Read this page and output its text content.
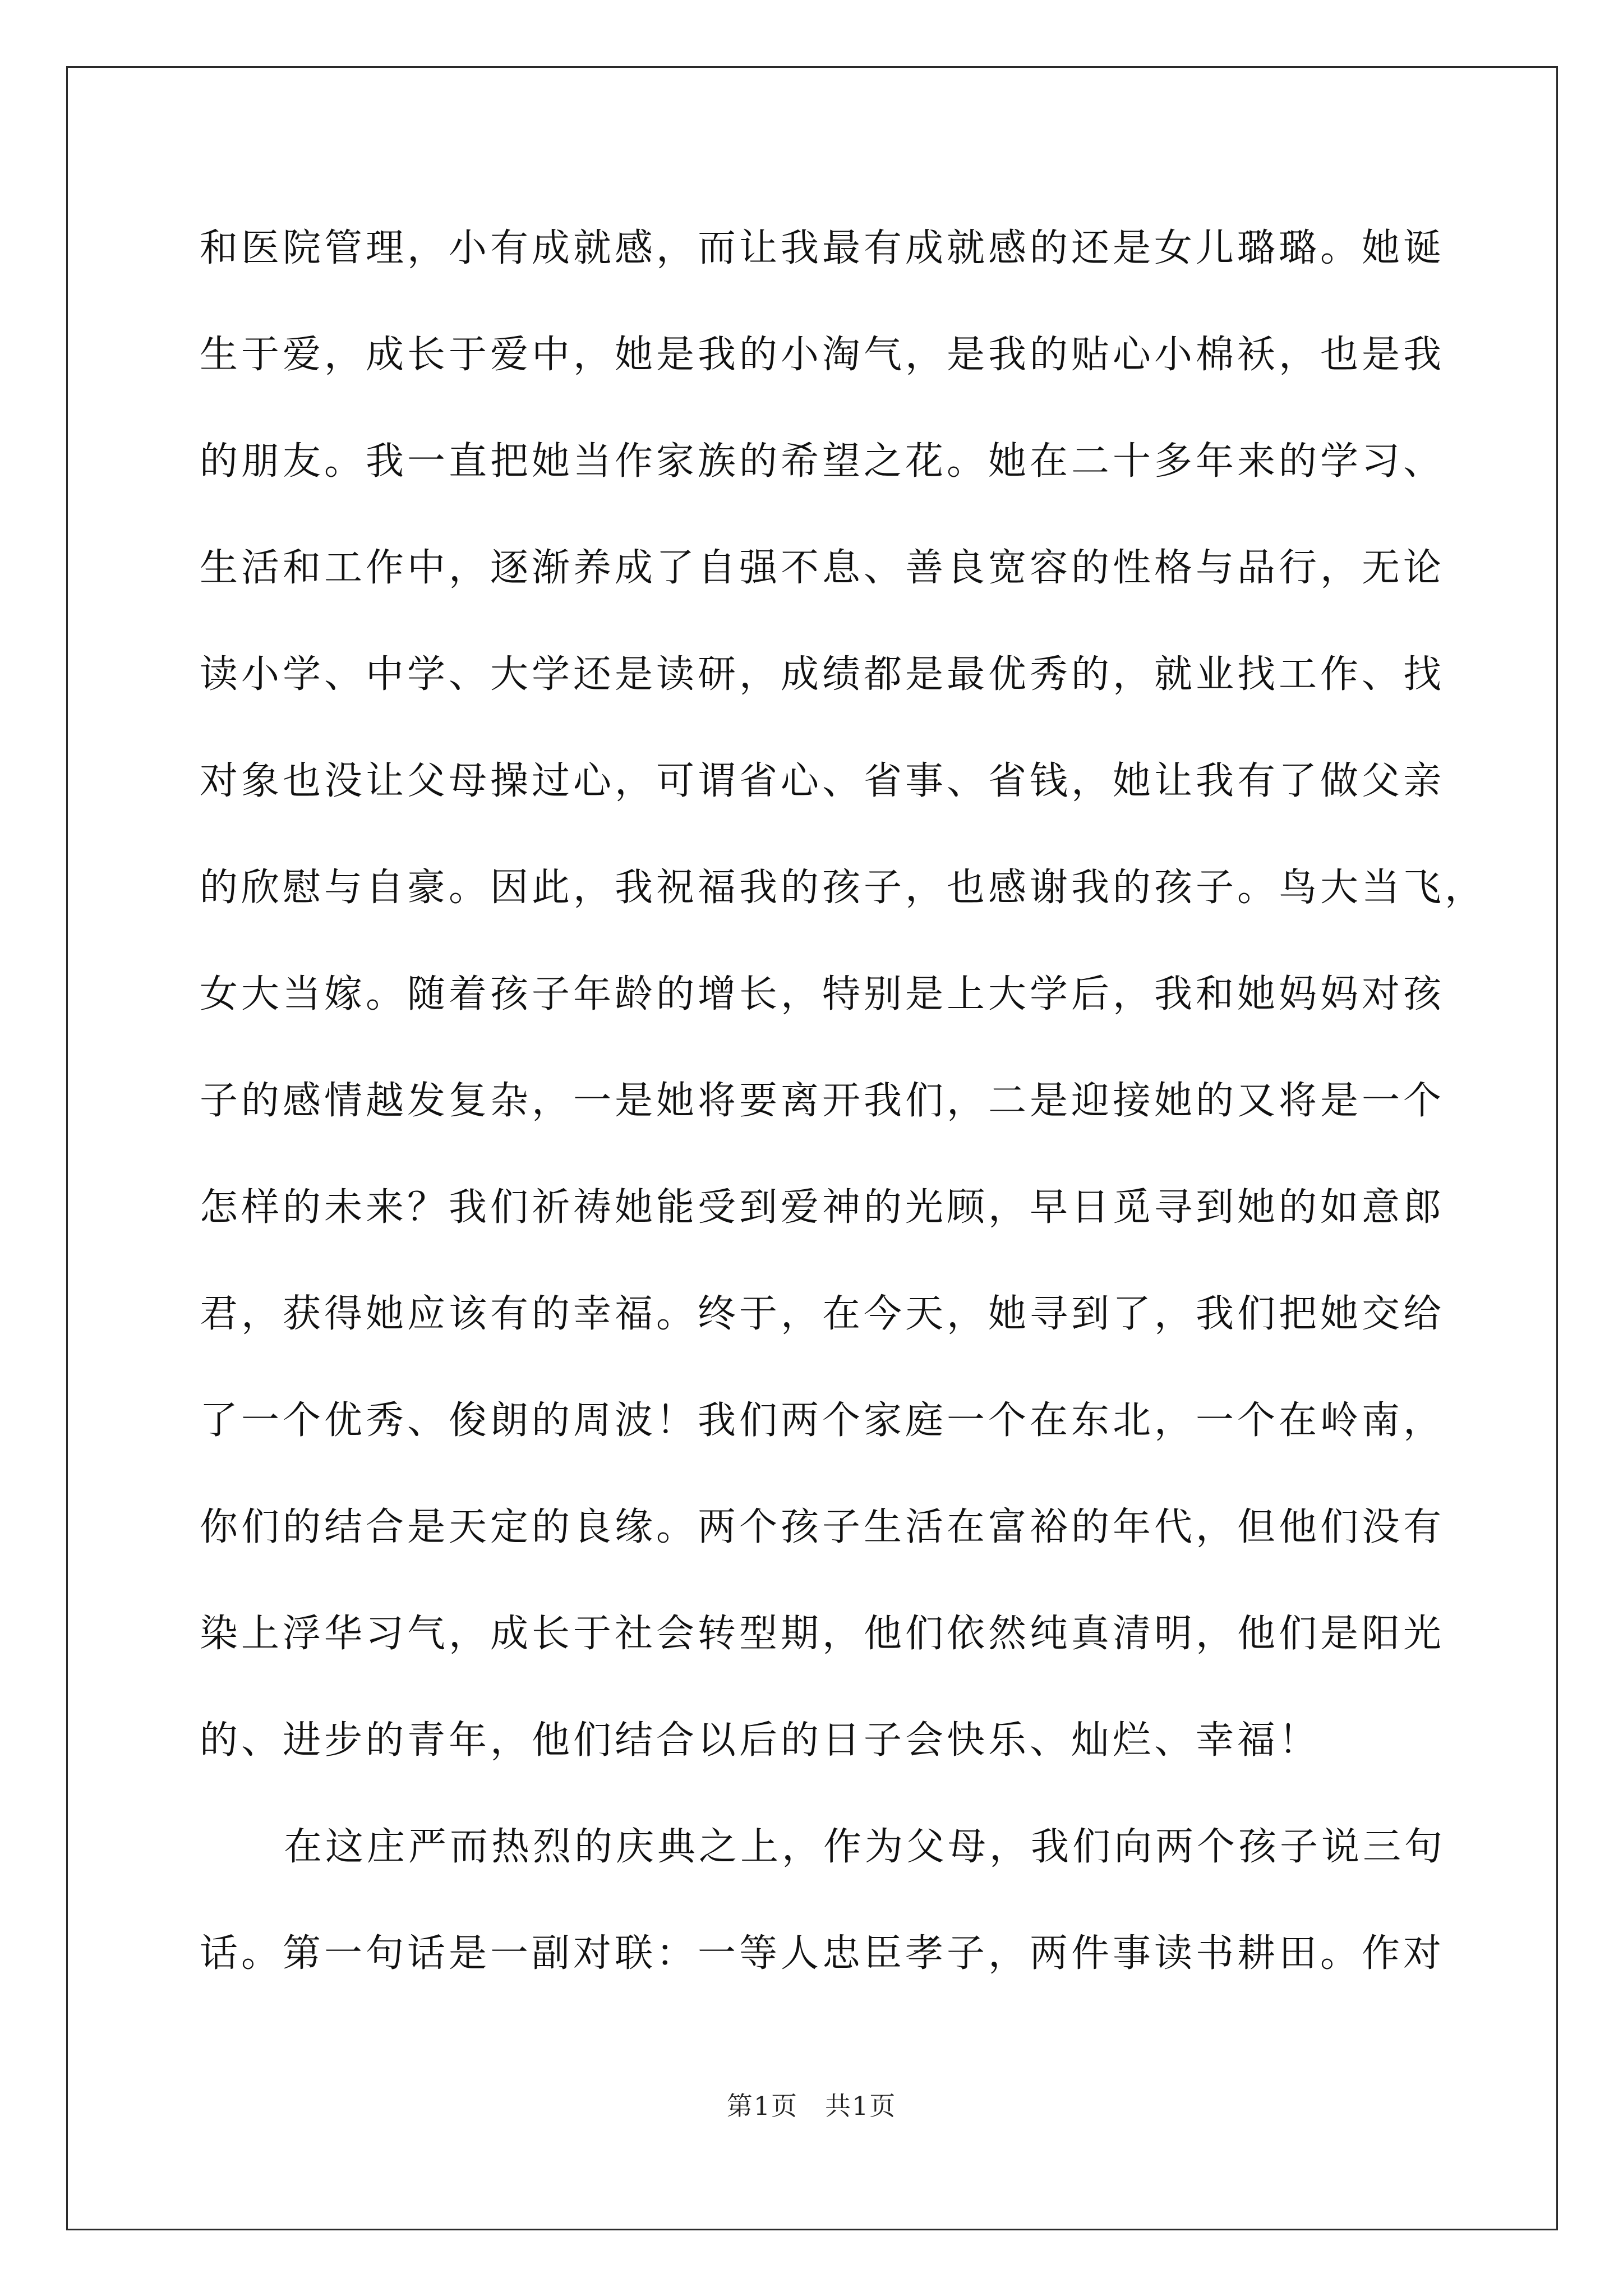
和医院管理，小有成就感，而让我最有成就感的还是女儿璐璐。她诞
生于爱，成长于爱中，她是我的小淘气，是我的贴心小棉袄，也是我
的朋友。我一直把她当作家族的希望之花。她在二十多年来的学习、
生活和工作中，逐渐养成了自强不息、善良宽容的性格与品行，无论
读小学、中学、大学还是读研，成绩都是最优秀的，就业找工作、找
对象也没让父母操过心，可谓省心、省事、省钱，她让我有了做父亲
的欣慰与自豪。因此，我祝福我的孩子，也感谢我的孩子。鸟大当飞，
女大当嫁。随着孩子年龄的增长，特别是上大学后，我和她妈妈对孩
子的感情越发复杂，一是她将要离开我们，二是迎接她的又将是一个
怎样的未来？我们祈祷她能受到爱神的光顾，早日觅寻到她的如意郎
君，获得她应该有的幸福。终于，在今天，她寻到了，我们把她交给
了一个优秀、俊朗的周波！我们两个家庭一个在东北，一个在岭南，
你们的结合是天定的良缘。两个孩子生活在富裕的年代，但他们没有
染上浮华习气，成长于社会转型期，他们依然纯真清明，他们是阳光
的、进步的青年，他们结合以后的日子会快乐、灿烂、幸福！
在这庄严而热烈的庆典之上，作为父母，我们向两个孩子说三句
话。第一句话是一副对联：一等人忠臣孝子，两件事读书耕田。作对
第1页　共1页
